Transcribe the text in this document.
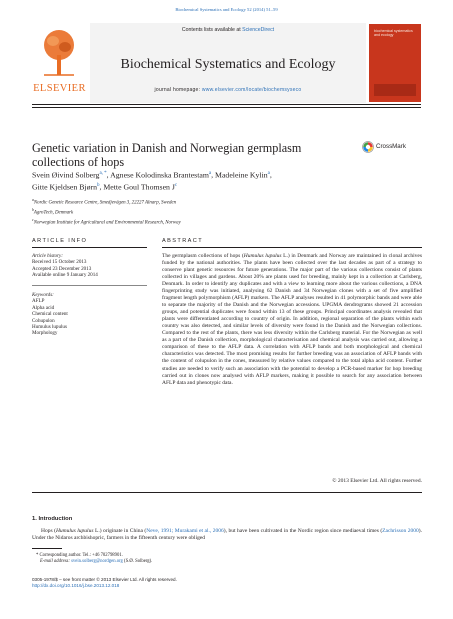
Biochemical Systematics and Ecology 52 (2014) 51–59
ELSEVIER
Contents lists available at ScienceDirect
Biochemical Systematics and Ecology
journal homepage: www.elsevier.com/locate/biochemsyseco
biochemical systematics and ecology
Genetic variation in Danish and Norwegian germplasm collections of hops
CrossMark
Svein Øivind Solberg$^{a, *}$, Agnese Kolodinska Brantestam$^a$, Madeleine Kylin$^a$,
Gitte Kjeldsen Bjørn$^b$, Mette Goul Thomsen J$^c$
$^a$Nordic Genetic Resource Centre, Smedjevägen 3, 22227 Alnarp, Sweden
$^b$AgroTech, Denmark
$^c$Norwegian Institute for Agricultural and Environmental Research, Norway
ARTICLE INFO	ABSTRACT
Article history:
Received 15 October 2013
Accepted 23 December 2013
Available online 9 January 2014
Keywords:
AFLP
Alpha acid
Chemical content
Cohupulon
Humulus lupulus
Morphology
The germplasm collections of hops (Humulus lupulus L.) in Denmark and Norway are maintained in clonal archives funded by the national authorities. The plants have been collected over the last decades as part of a strategy to conserve plant genetic resources for future generations. The major part of the various collections consist of plants collected in villages and gardens. About 20% are plants used for breeding, mainly kept in a collection at Carlsberg, Denmark. In order to identify any duplicates and with a view to learning more about the various collections, a DNA fingerprinting study was initiated, analysing 62 Danish and 34 Norwegian clones with a set of five amplified fragment length polymorphism (AFLP) markers. The AFLP analyses resulted in 41 polymorphic bands and were able to separate the majority of the Danish and the Norwegian accessions. UPGMA dendrograms showed 21 accession groups, and potential duplicates were found within 13 of these groups. Principal coordinates analysis revealed that plants were differentiated according to country of origin. In addition, regional separation of the plants within each country was also detected, and similar levels of diversity were found in the Danish and the Norwegian collections. Compared to the rest of the plants, there was less diversity within the Carlsberg material. For the Norwegian as well as a part of the Danish collection, morphological characterisation and chemical analysis was carried out, allowing a comparison of these to the AFLP data. A correlation with AFLP bands and both morphological and chemical characteristics was detected. The most promising results for further breeding was an association of AFLP bands with the content of colupulon in the cones, measured by relative values compared to the total alpha acid content. Further studies are needed to verify such an association with the potential to develop a PCR-based marker for hop breeding carried out in clones now analysed with AFLP markers, making it possible to search for any association between AFLP data and phenotypic data.
© 2013 Elsevier Ltd. All rights reserved.
1. Introduction
Hops (Humulus lupulus L.) originate in China (Neve, 1991; Murakami et al., 2006), but have been cultivated in the Nordic region since mediaeval times (Zachrisson 2000). Under the Nidaros archbishopric, farmers in the fifteenth century were obliged
* Corresponding author. Tel.: +46 702798901.
E-mail address: svein.solberg@nordgen.org (S.Ø. Solberg).
0305-1978/$ – see front matter © 2013 Elsevier Ltd. All rights reserved.
http://dx.doi.org/10.1016/j.bse.2013.12.018
